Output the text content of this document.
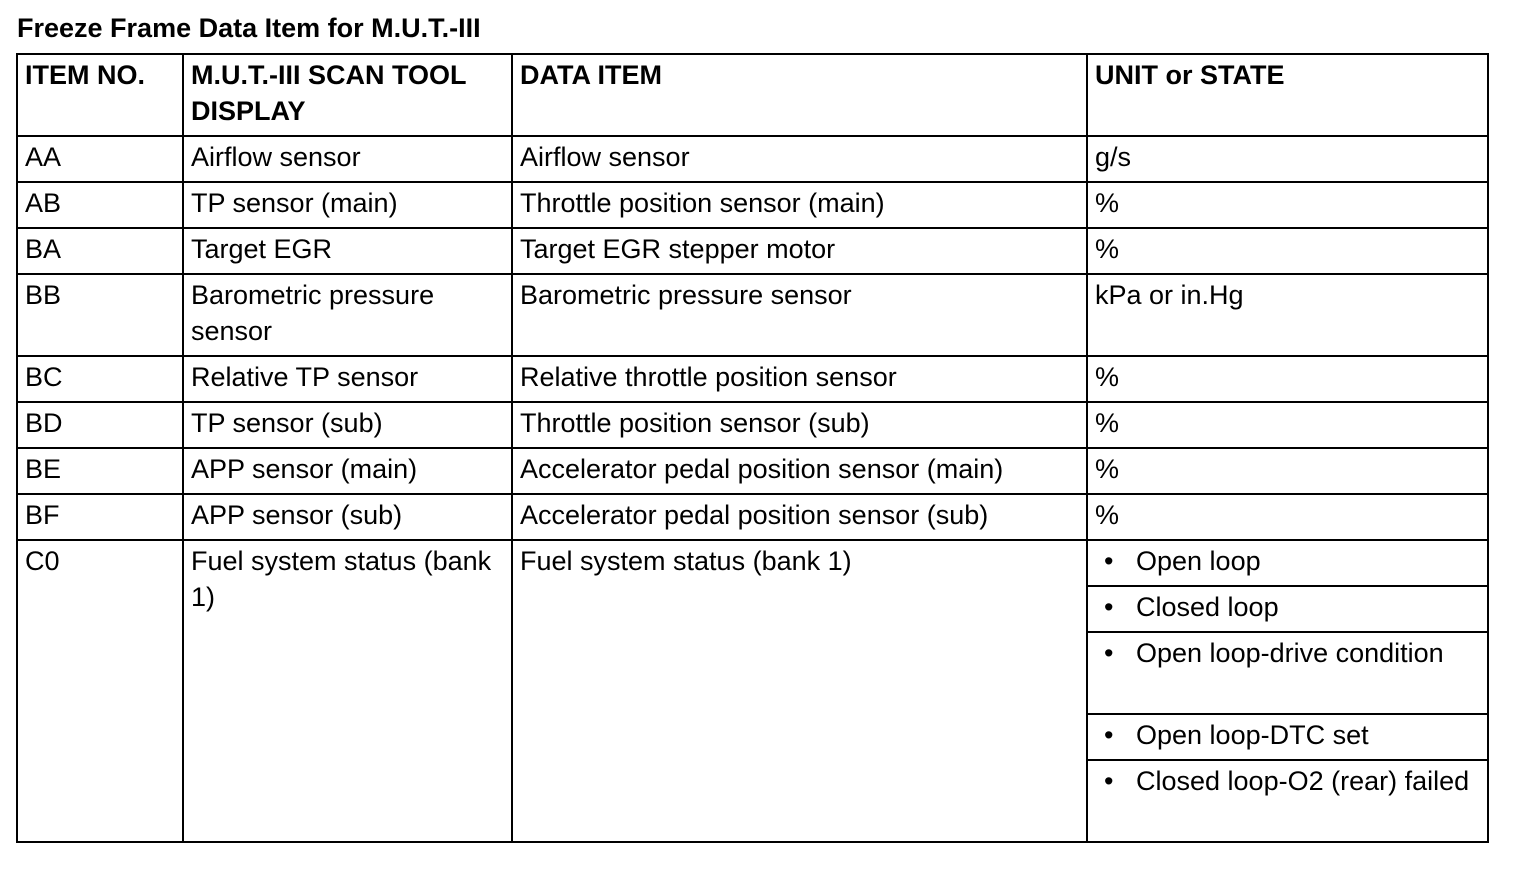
Freeze Frame Data Item for M.U.T.-III
ITEM NO.	M.U.T.-III SCAN TOOL DISPLAY	DATA ITEM	UNIT or STATE
AA	Airflow sensor	Airflow sensor	g/s
AB	TP sensor (main)	Throttle position sensor (main)	%
BA	Target EGR	Target EGR stepper motor	%
BB	Barometric pressure sensor	Barometric pressure sensor	kPa or in.Hg
BC	Relative TP sensor	Relative throttle position sensor	%
BD	TP sensor (sub)	Throttle position sensor (sub)	%
BE	APP sensor (main)	Accelerator pedal position sensor (main)	%
BF	APP sensor (sub)	Accelerator pedal position sensor (sub)	%
C0	Fuel system status (bank 1)	Fuel system status (bank 1)	• Open loop

			• Closed loop

			• Open loop-drive condition

			• Open loop-DTC set

			• Closed loop-O2 (rear) failed
